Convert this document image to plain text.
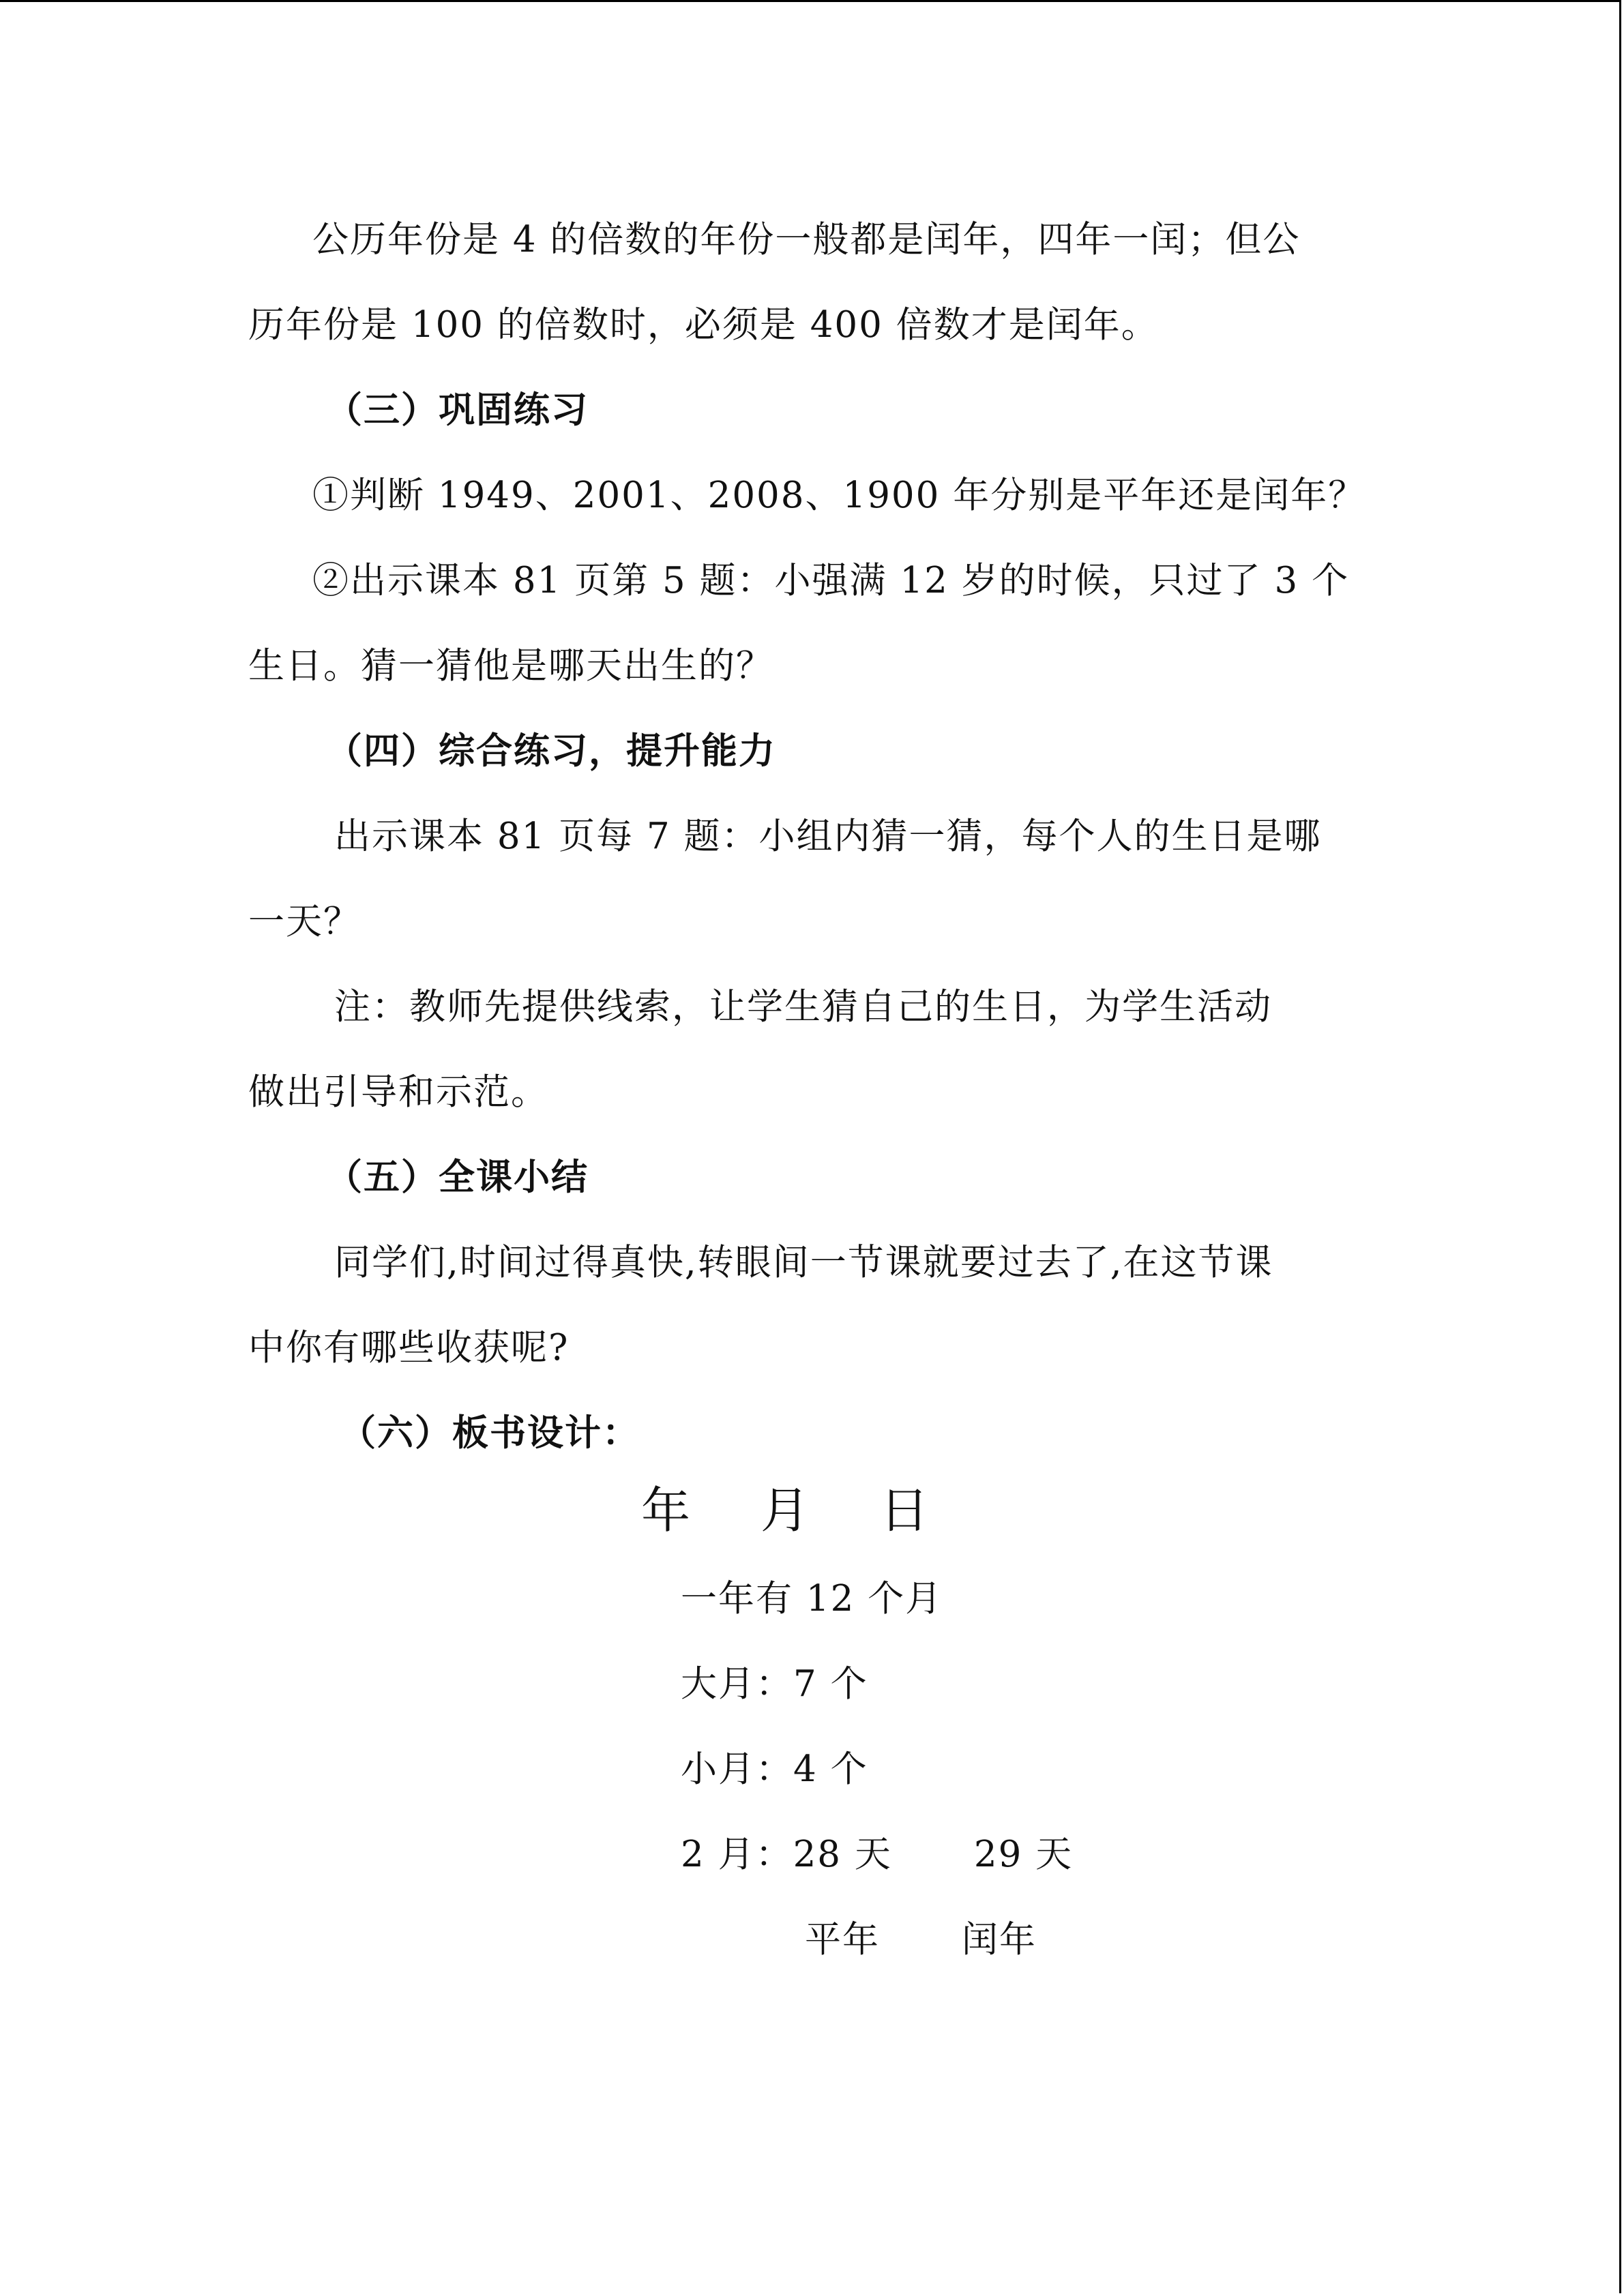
公历年份是 4 的倍数的年份一般都是闰年，四年一闰；但公
历年份是 100 的倍数时，必须是 400 倍数才是闰年。
（三）巩固练习
①判断 1949、2001、2008、1900 年分别是平年还是闰年？
②出示课本 81 页第 5 题：小强满 12 岁的时候，只过了 3 个
生日。猜一猜他是哪天出生的？
（四）综合练习，提升能力
出示课本 81 页每 7 题：小组内猜一猜，每个人的生日是哪
一天？
注：教师先提供线索，让学生猜自己的生日，为学生活动
做出引导和示范。
（五）全课小结
同学们,时间过得真快,转眼间一节课就要过去了,在这节课
中你有哪些收获呢?
（六）板书设计：
年 月 日
一年有 12 个月
大月：7 个
小月：4 个
2 月：28 天 29 天
平年 闰年
